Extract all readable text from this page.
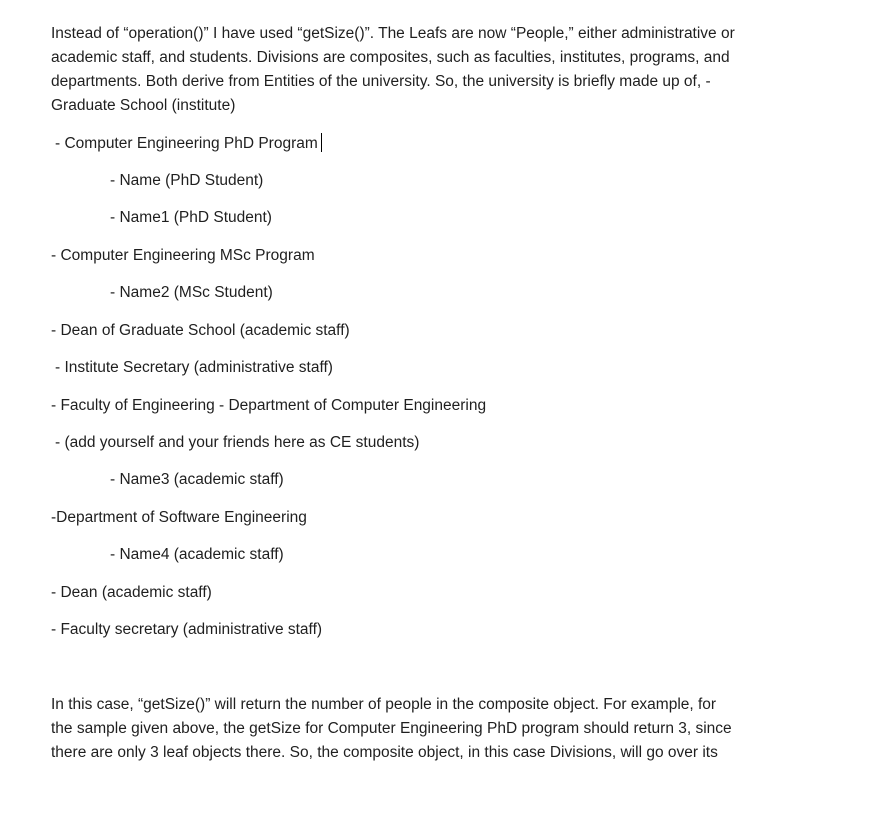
Instead of “operation()” I have used “getSize()”. The Leafs are now “People,” either administrative or
academic staff, and students. Divisions are composites, such as faculties, institutes, programs, and
departments. Both derive from Entities of the university. So, the university is briefly made up of, -
Graduate School (institute)
- Computer Engineering PhD Program
- Name (PhD Student)
- Name1 (PhD Student)
- Computer Engineering MSc Program
- Name2 (MSc Student)
- Dean of Graduate School (academic staff)
- Institute Secretary (administrative staff)
- Faculty of Engineering - Department of Computer Engineering
- (add yourself and your friends here as CE students)
- Name3 (academic staff)
-Department of Software Engineering
- Name4 (academic staff)
- Dean (academic staff)
- Faculty secretary (administrative staff)
In this case, “getSize()” will return the number of people in the composite object. For example, for
the sample given above, the getSize for Computer Engineering PhD program should return 3, since
there are only 3 leaf objects there. So, the composite object, in this case Divisions, will go over its
